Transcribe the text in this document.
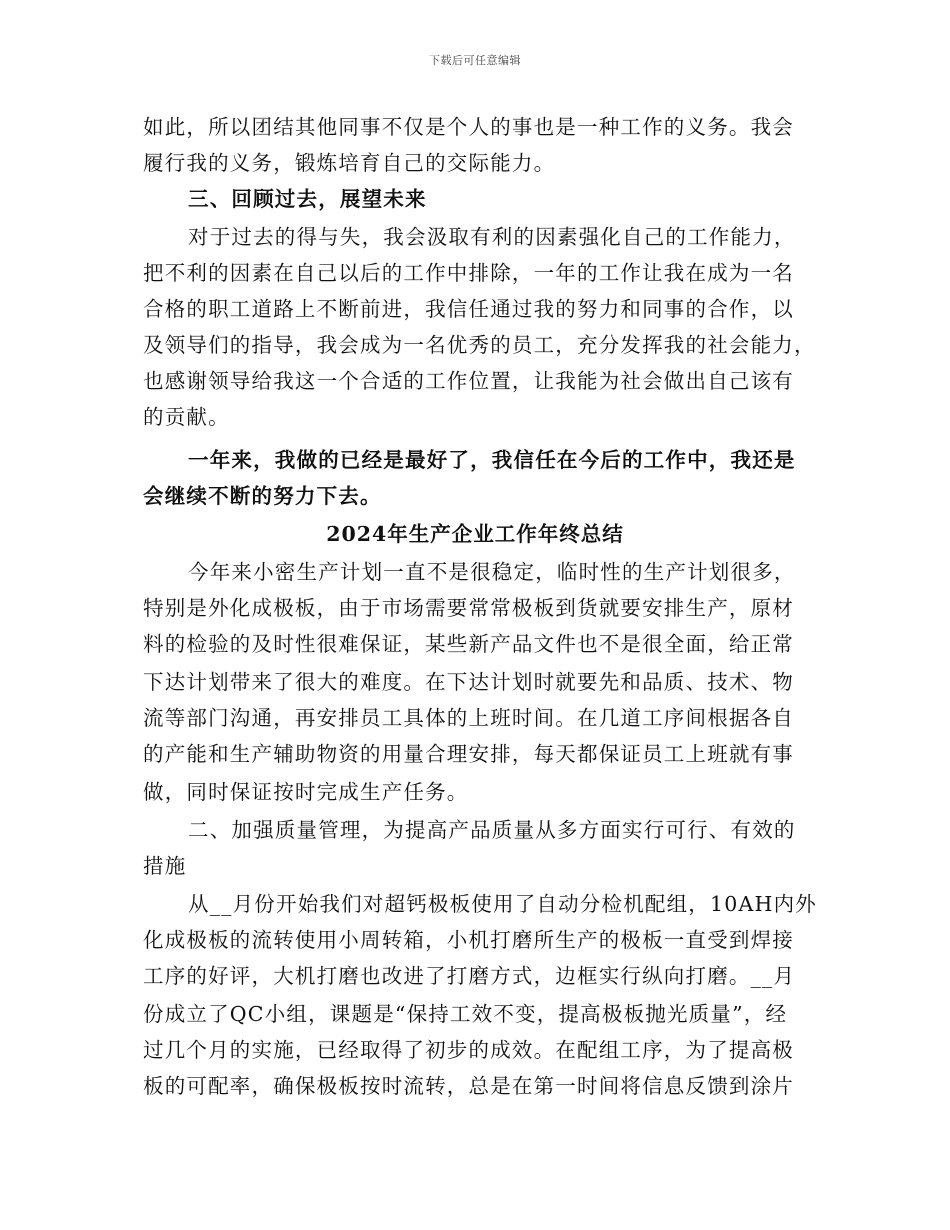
下载后可任意编辑
如此，所以团结其他同事不仅是个人的事也是一种工作的义务。我会
履行我的义务，锻炼培育自己的交际能力。
三、回顾过去，展望未来
对于过去的得与失，我会汲取有利的因素强化自己的工作能力，
把不利的因素在自己以后的工作中排除，一年的工作让我在成为一名
合格的职工道路上不断前进，我信任通过我的努力和同事的合作，以
及领导们的指导，我会成为一名优秀的员工，充分发挥我的社会能力，
也感谢领导给我这一个合适的工作位置，让我能为社会做出自己该有
的贡献。
一年来，我做的已经是最好了，我信任在今后的工作中，我还是
会继续不断的努力下去。
2024年生产企业工作年终总结
今年来小密生产计划一直不是很稳定，临时性的生产计划很多，
特别是外化成极板，由于市场需要常常极板到货就要安排生产，原材
料的检验的及时性很难保证，某些新产品文件也不是很全面，给正常
下达计划带来了很大的难度。在下达计划时就要先和品质、技术、物
流等部门沟通，再安排员工具体的上班时间。在几道工序间根据各自
的产能和生产辅助物资的用量合理安排，每天都保证员工上班就有事
做，同时保证按时完成生产任务。
二、加强质量管理，为提高产品质量从多方面实行可行、有效的
措施
从__月份开始我们对超钙极板使用了自动分检机配组，10AH内外
化成极板的流转使用小周转箱，小机打磨所生产的极板一直受到焊接
工序的好评，大机打磨也改进了打磨方式，边框实行纵向打磨。__月
份成立了QC小组，课题是“保持工效不变，提高极板抛光质量”，经
过几个月的实施，已经取得了初步的成效。在配组工序，为了提高极
板的可配率，确保极板按时流转，总是在第一时间将信息反馈到涂片
